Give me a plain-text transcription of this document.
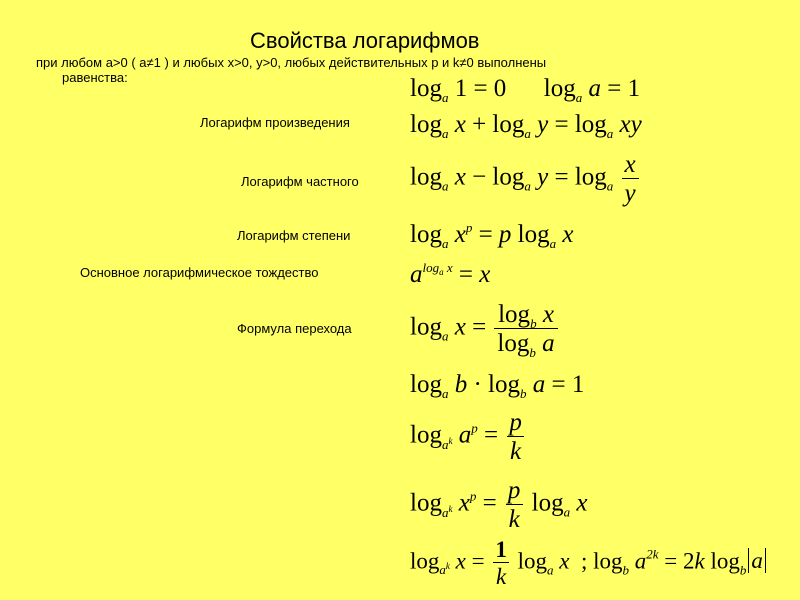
Свойства логарифмов
при любом a>0 ( a≠1 ) и любых x>0, y>0, любых действительных p и k≠0 выполнены
равенства:	$\log_a 1 = 0$      $\log_a a = 1$
Логарифм произведения $\log_a x + \log_a y = \log_a$ xy
Логарифм частного $\log_a x - \log_a y = \log_a \frac{x}{y}$
Логарифм степени $\log_a x^p = p$ $\log_a x$
Основное логарифмическое тождество	$a^{log_a x} = x$
Формула перехода $\log_a x = \frac{\log_b x}{\log_b a}$
$\log_a b \cdot \log_b a = 1$
$\log_{a^k} a^p = \frac{p}{k}$
$\log_{a^k} x^p = \frac{p}{k} \log_a x$
$\log_{a^k} x = \frac{1}{k} \log_a x$  ; $\log_b a^{2k} = 2k$ $\log_b a$
